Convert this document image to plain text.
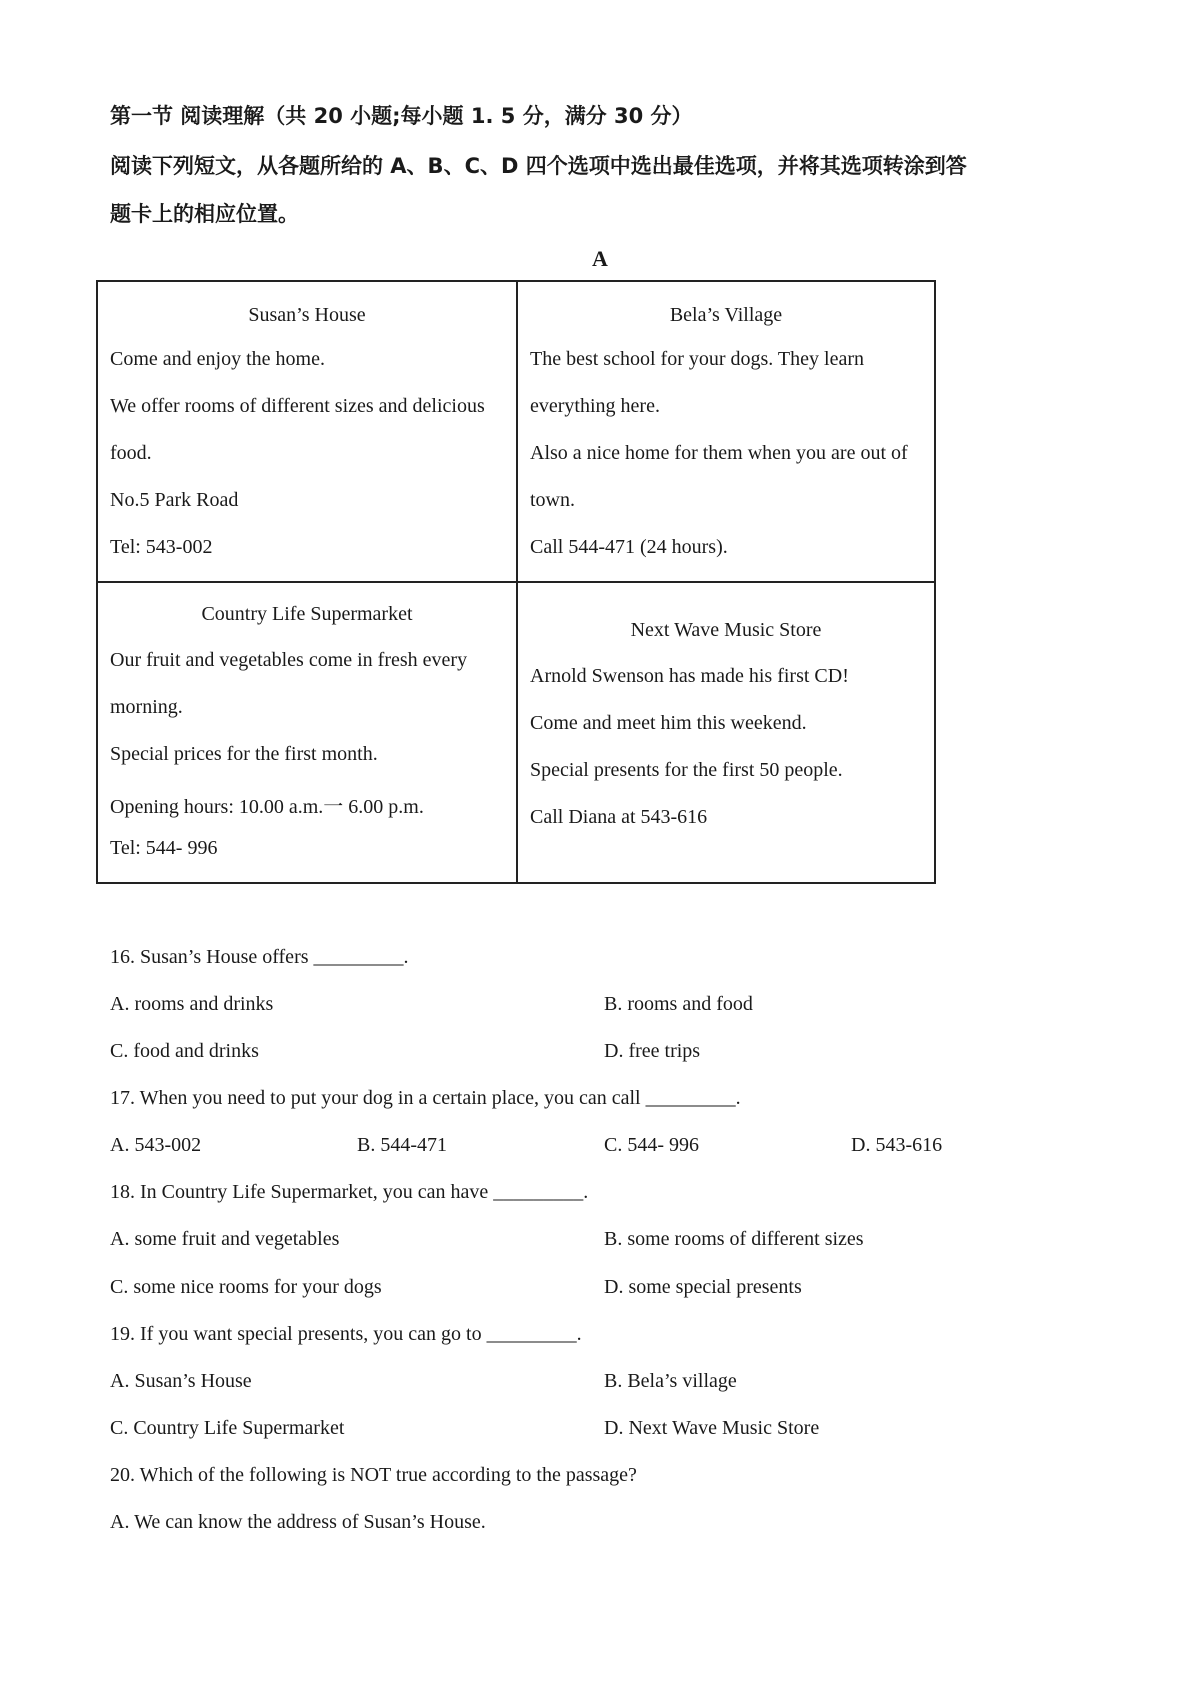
第一节 阅读理解（共 20 小题;每小题 1. 5 分，满分 30 分）
阅读下列短文，从各题所给的 A、B、C、D 四个选项中选出最佳选项，并将其选项转涂到答
题卡上的相应位置。
A
Susan’s House
Come and enjoy the home.
We offer rooms of different sizes and delicious
food.
No.5 Park Road
Tel: 543-002
Bela’s Village
The best school for your dogs. They learn
everything here.
Also a nice home for them when you are out of
town.
Call 544-471 (24 hours).
Country Life Supermarket
Our fruit and vegetables come in fresh every
morning.
Special prices for the first month.
Opening hours: 10.00 a.m.一 6.00 p.m.
Tel: 544- 996
Next Wave Music Store
Arnold Swenson has made his first CD!
Come and meet him this weekend.
Special presents for the first 50 people.
Call Diana at 543-616
16. Susan’s House offers _________.
A. rooms and drinks	B. rooms and food
C. food and drinks	D. free trips
17. When you need to put your dog in a certain place, you can call _________.
A. 543-002	B. 544-471	C. 544- 996	D. 543-616
18. In Country Life Supermarket, you can have _________.
A. some fruit and vegetables	B. some rooms of different sizes
C. some nice rooms for your dogs	D. some special presents
19. If you want special presents, you can go to _________.
A. Susan’s House	B. Bela’s village
C. Country Life Supermarket	D. Next Wave Music Store
20. Which of the following is NOT true according to the passage?
A. We can know the address of Susan’s House.
